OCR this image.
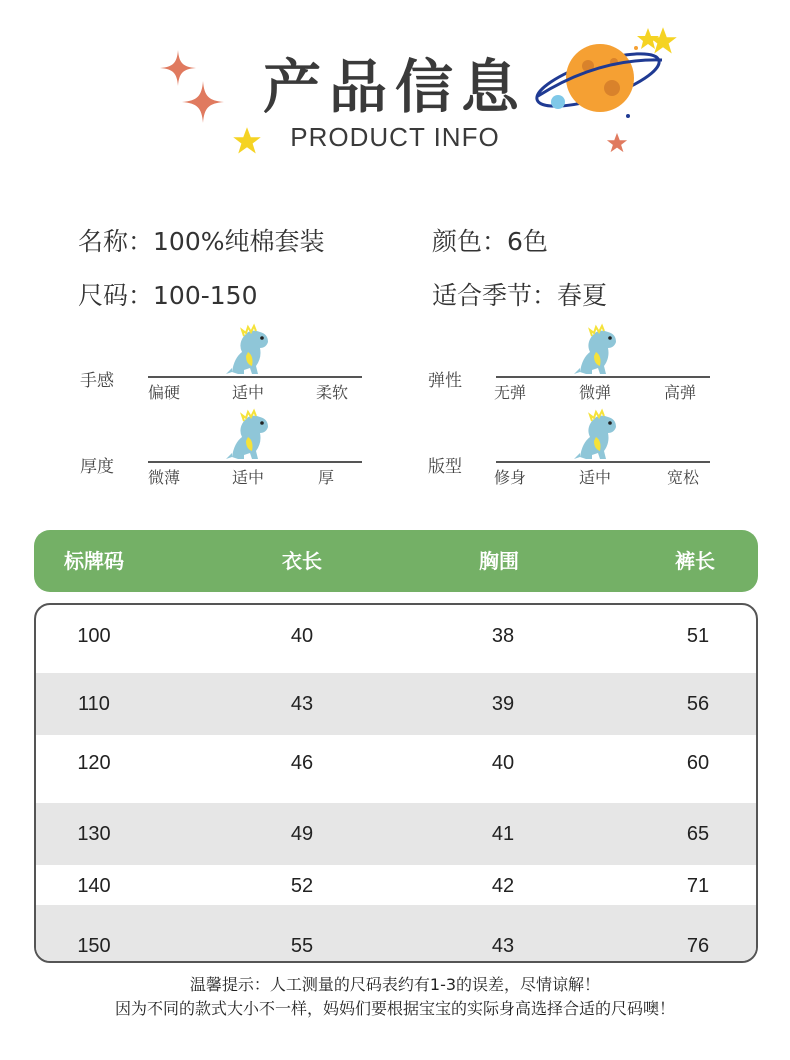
产品信息
PRODUCT INFO
名称：100%纯棉套装	颜色：6色
尺码：100-150	适合季节：春夏
手感
偏硬	适中	柔软
弹性
无弹	微弹	高弹
厚度
微薄	适中	厚
版型
修身	适中	宽松
标牌码	衣长	胸围	裤长
100	40	38	51
110	43	39	56
120	46	40	60
130	49	41	65
140	52	42	71
150	55	43	76
温馨提示：人工测量的尺码表约有1-3的误差，尽情谅解！
因为不同的款式大小不一样，妈妈们要根据宝宝的实际身高选择合适的尺码噢！
